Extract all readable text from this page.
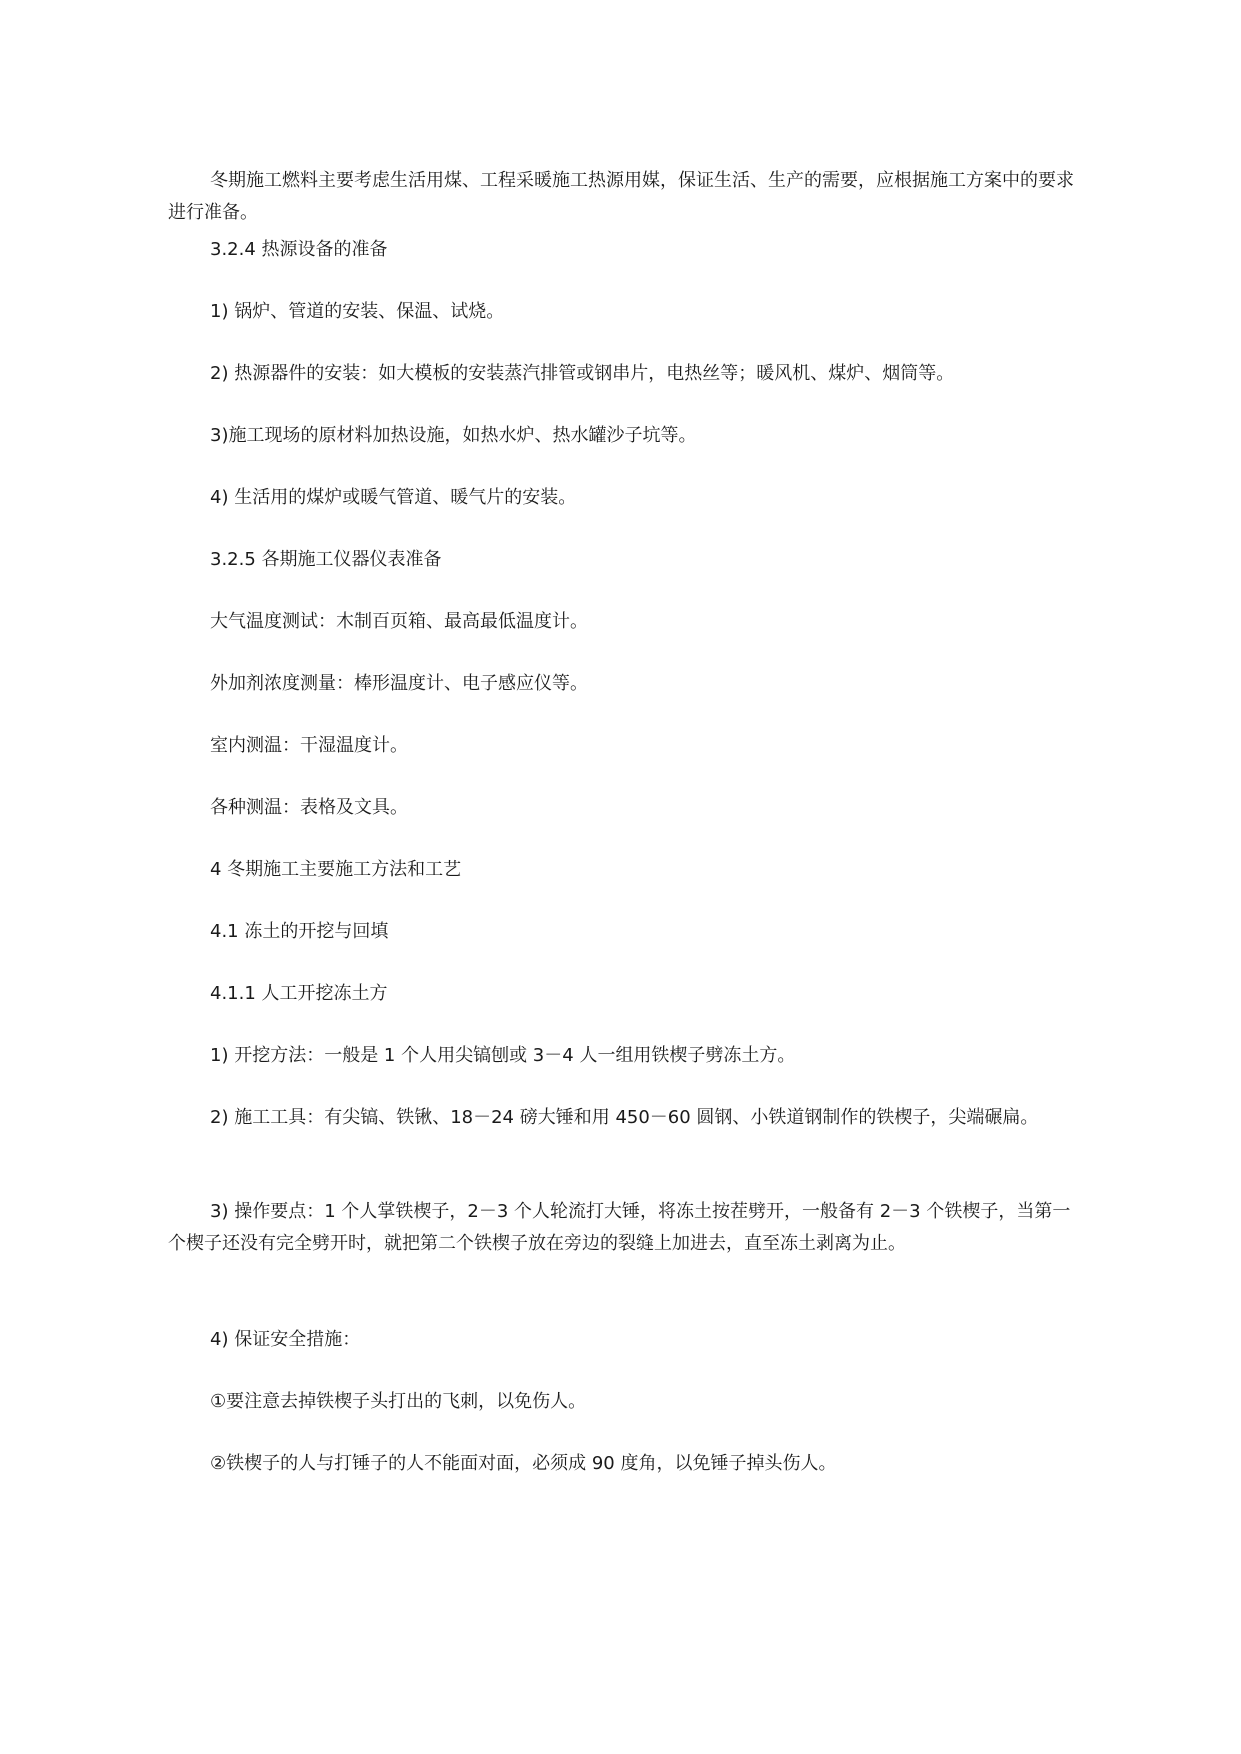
冬期施工燃料主要考虑生活用煤、工程采暖施工热源用媒，保证生活、生产的需要，应根据施工方案中的要求进行准备。

3.2.4 热源设备的准备

1) 锅炉、管道的安装、保温、试烧。

2) 热源器件的安装：如大模板的安装蒸汽排管或钢串片，电热丝等；暖风机、煤炉、烟筒等。

3)施工现场的原材料加热设施，如热水炉、热水罐沙子坑等。

4) 生活用的煤炉或暖气管道、暖气片的安装。

3.2.5 各期施工仪器仪表准备

大气温度测试：木制百页箱、最高最低温度计。

外加剂浓度测量：棒形温度计、电子感应仪等。

室内测温：干湿温度计。

各种测温：表格及文具。

4 冬期施工主要施工方法和工艺

4.1 冻土的开挖与回填

4.1.1 人工开挖冻土方

1) 开挖方法：一般是 1 个人用尖镐刨或 3－4 人一组用铁楔子劈冻土方。

2) 施工工具：有尖镐、铁锹、18－24 磅大锤和用 450－60 圆钢、小铁道钢制作的铁楔子，尖端碾扁。

3) 操作要点：1 个人掌铁楔子，2－3 个人轮流打大锤，将冻土按茬劈开，一般备有 2－3 个铁楔子，当第一个楔子还没有完全劈开时，就把第二个铁楔子放在旁边的裂缝上加进去，直至冻土剥离为止。

4) 保证安全措施：

①要注意去掉铁楔子头打出的飞刺，以免伤人。

②铁楔子的人与打锤子的人不能面对面，必须成 90 度角，以免锤子掉头伤人。
